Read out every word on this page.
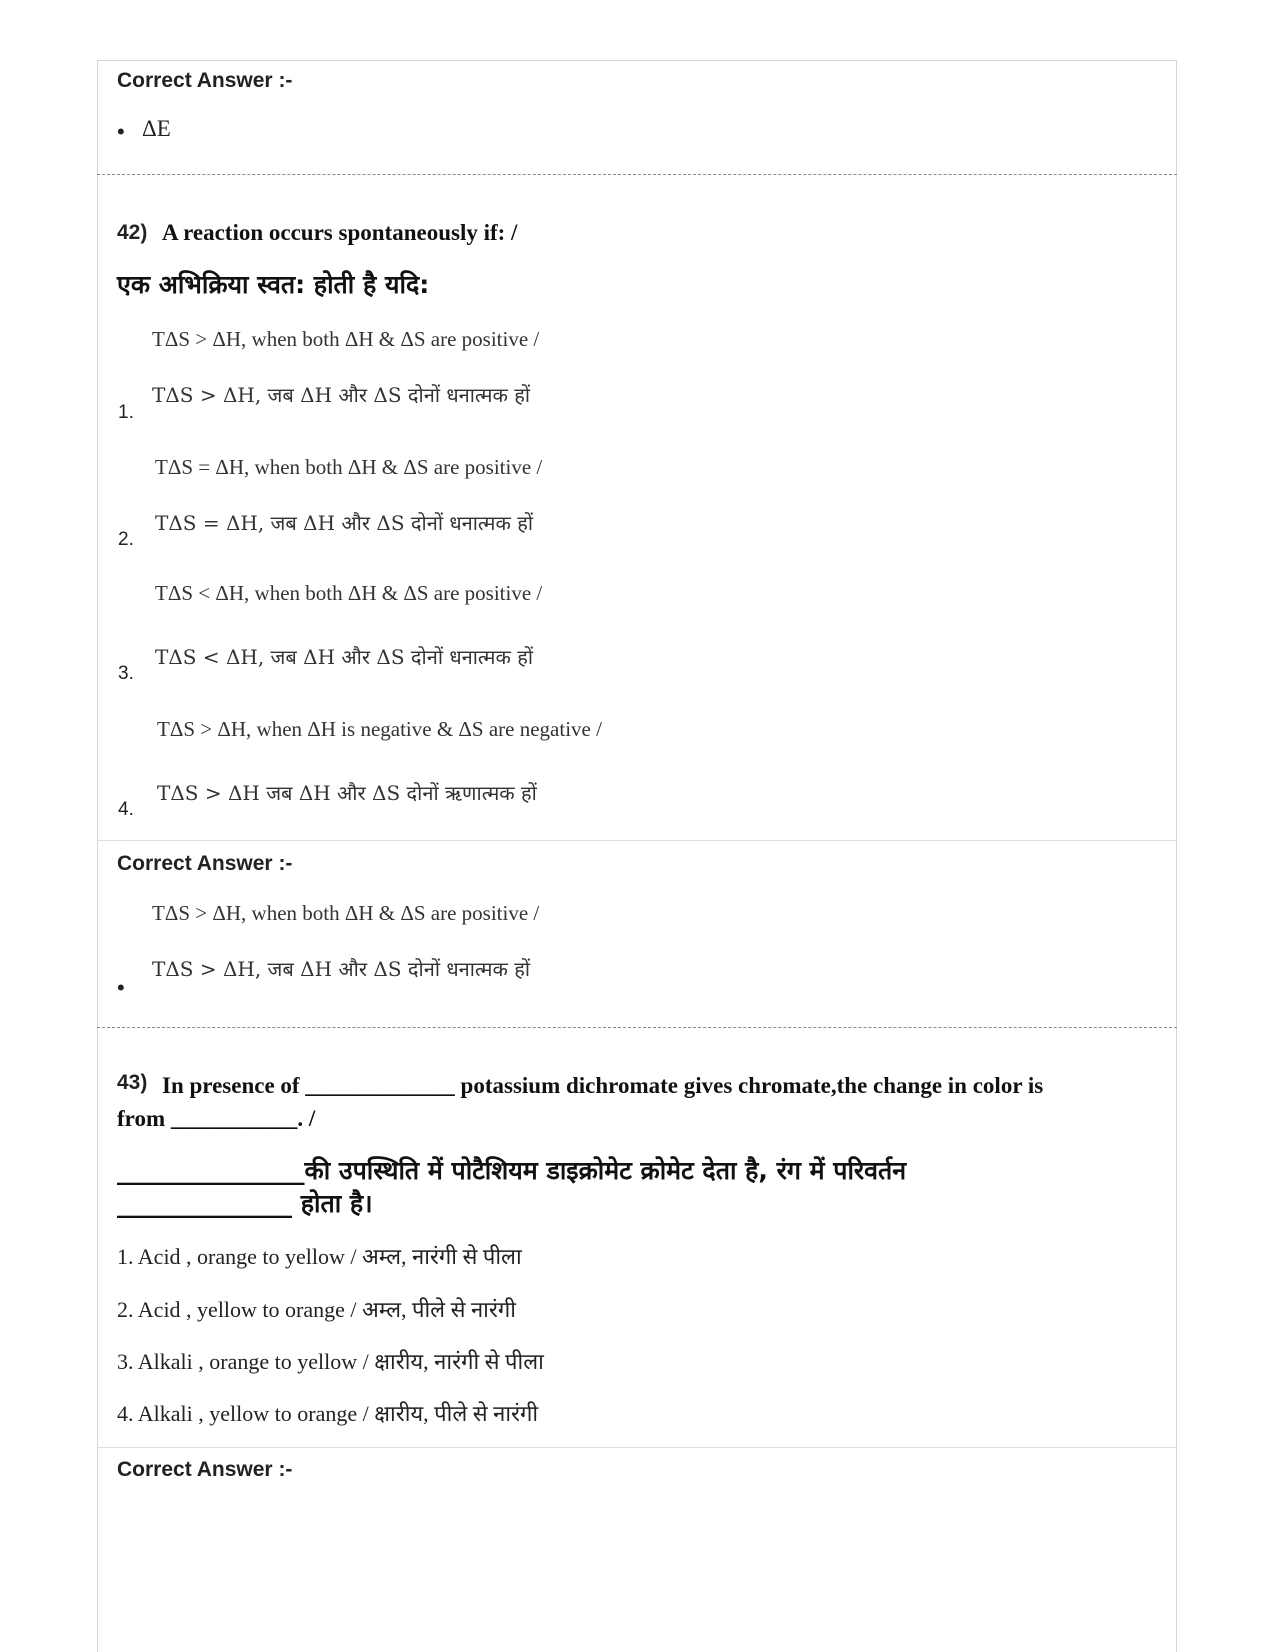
Correct Answer :-
• ΔE
42) A reaction occurs spontaneously if: /
एक अभिक्रिया स्वत: होती है यदि:
TΔS > ΔH, when both ΔH & ΔS are positive /
TΔS > ΔH, जब ΔH और ΔS दोनों धनात्मक हों
1.
TΔS = ΔH, when both ΔH & ΔS are positive /
TΔS = ΔH, जब ΔH और ΔS दोनों धनात्मक हों
2.
TΔS < ΔH, when both ΔH & ΔS are positive /
TΔS < ΔH, जब ΔH और ΔS दोनों धनात्मक हों
3.
TΔS > ΔH, when ΔH is negative & ΔS are negative /
TΔS > ΔH जब ΔH और ΔS दोनों ऋणात्मक हों
4.
Correct Answer :-
TΔS > ΔH, when both ΔH & ΔS are positive /
TΔS > ΔH, जब ΔH और ΔS दोनों धनात्मक हों
•
43) In presence of _____________ potassium dichromate gives chromate,the change in color is
from ___________. /
_______________की उपस्थिति में पोटैशियम डाइक्रोमेट क्रोमेट देता है, रंग में परिवर्तन
______________ होता है।
1. Acid , orange to yellow / अम्ल, नारंगी से पीला
2. Acid , yellow to orange / अम्ल, पीले से नारंगी
3. Alkali , orange to yellow / क्षारीय, नारंगी से पीला
4. Alkali , yellow to orange / क्षारीय, पीले से नारंगी
Correct Answer :-
